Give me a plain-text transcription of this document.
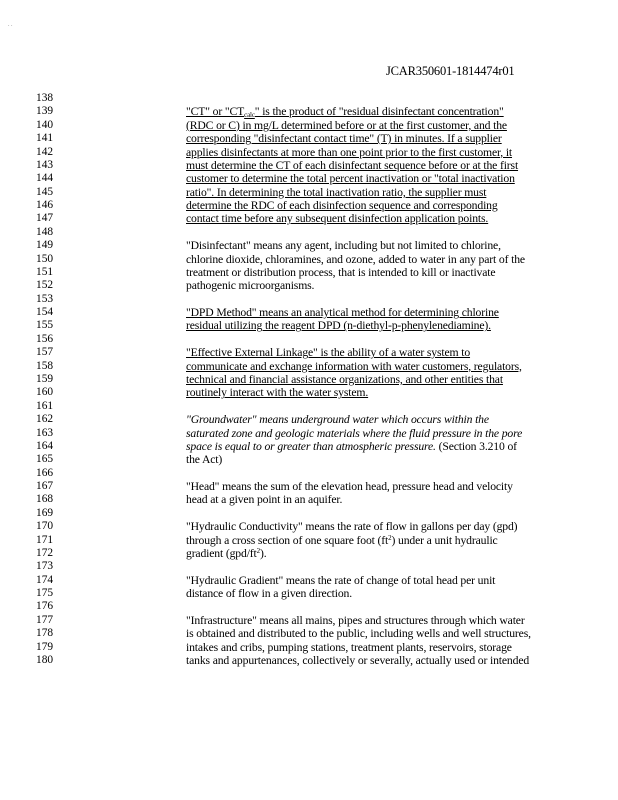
. .
JCAR350601-1814474r01
138
139	"CT" or "$CT_{calc}$" is the product of "residual disinfectant concentration"
140	(RDC or C) in mg/L determined before or at the first customer, and the
141	corresponding "disinfectant contact time" (T) in minutes. If a supplier
142	applies disinfectants at more than one point prior to the first customer, it
143	must determine the CT of each disinfectant sequence before or at the first
144	customer to determine the total percent inactivation or "total inactivation
145	ratio". In determining the total inactivation ratio, the supplier must
146	determine the RDC of each disinfection sequence and corresponding
147	contact time before any subsequent disinfection application points.
148
149	"Disinfectant" means any agent, including but not limited to chlorine,
150	chlorine dioxide, chloramines, and ozone, added to water in any part of the
151	treatment or distribution process, that is intended to kill or inactivate
152	pathogenic microorganisms.
153
154	"DPD Method" means an analytical method for determining chlorine
155	residual utilizing the reagent DPD (n-diethyl-p-phenylenediamine).
156
157	"Effective External Linkage" is the ability of a water system to
158	communicate and exchange information with water customers, regulators,
159	technical and financial assistance organizations, and other entities that
160	routinely interact with the water system.
161
162	"Groundwater" means underground water which occurs within the
163	saturated zone and geologic materials where the fluid pressure in the pore
164	space is equal to or greater than atmospheric pressure. (Section 3.210 of
165	the Act)
166
167	"Head" means the sum of the elevation head, pressure head and velocity
168	head at a given point in an aquifer.
169
170	"Hydraulic Conductivity" means the rate of flow in gallons per day (gpd)
171	through a cross section of one square foot $(ft^2)$ under a unit hydraulic
172	gradient $(gpd/ft^2)$.
173
174	"Hydraulic Gradient" means the rate of change of total head per unit
175	distance of flow in a given direction.
176
177	"Infrastructure" means all mains, pipes and structures through which water
178	is obtained and distributed to the public, including wells and well structures,
179	intakes and cribs, pumping stations, treatment plants, reservoirs, storage
180	tanks and appurtenances, collectively or severally, actually used or intended
